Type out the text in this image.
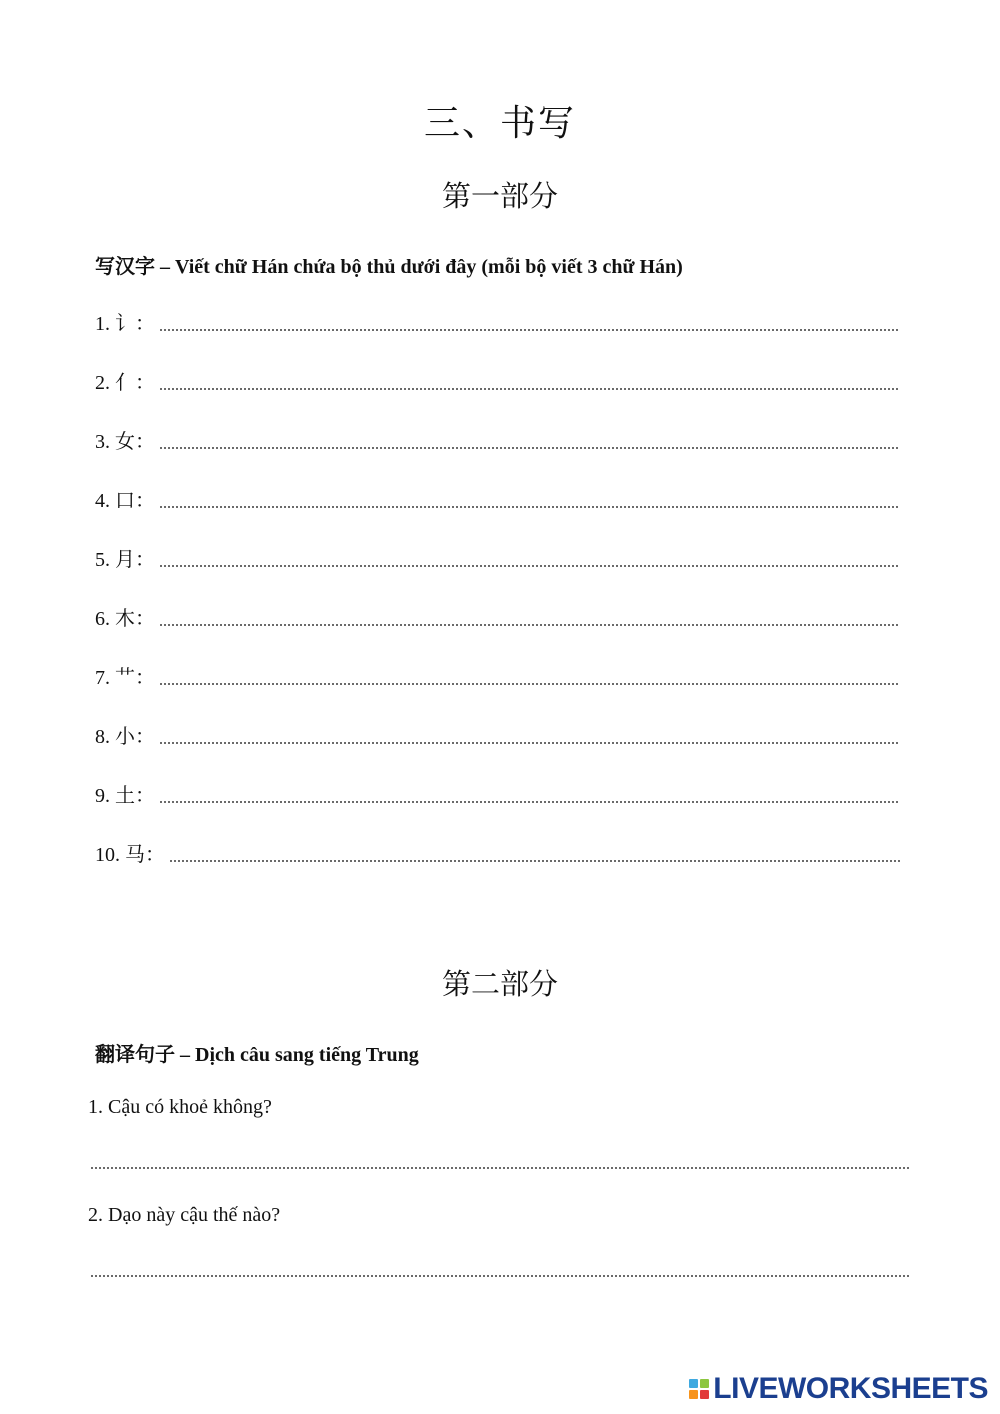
三、书写
第一部分
写汉字 – Viết chữ Hán chứa bộ thủ dưới đây (mỗi bộ viết 3 chữ Hán)
1. 讠：
2. 亻：
3. 女：
4. 口：
5. 月：
6. 木：
7. 艹：
8. 小：
9. 土：
10. 马：
第二部分
翻译句子 – Dịch câu sang tiếng Trung
1. Cậu có khoẻ không?
2. Dạo này cậu thế nào?
LIVEWORKSHEETS
